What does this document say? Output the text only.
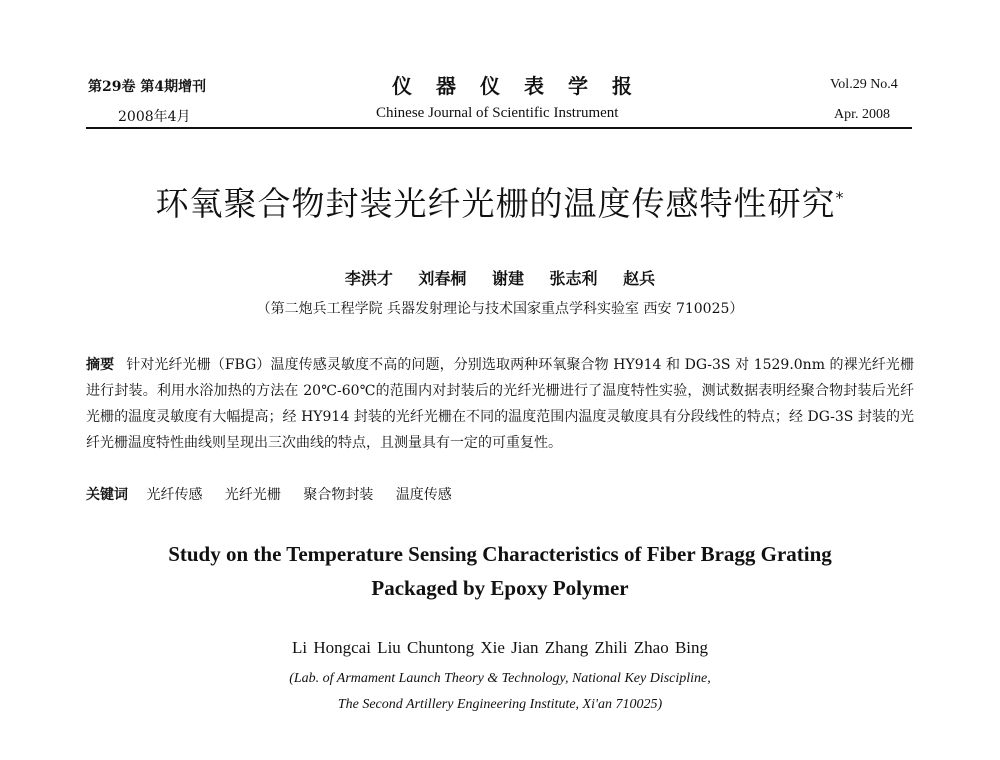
第29卷 第4期增刊
2008年4月
仪器仪表学报
Chinese Journal of Scientific Instrument
Vol.29 No.4
Apr. 2008
环氧聚合物封装光纤光栅的温度传感特性研究*
李洪才 刘春桐 谢建 张志利 赵兵
（第二炮兵工程学院 兵器发射理论与技术国家重点学科实验室 西安 710025）
摘要 针对光纤光栅（FBG）温度传感灵敏度不高的问题，分别选取两种环氧聚合物 HY914 和 DG-3S 对 1529.0nm 的裸光纤光栅进行封装。利用水浴加热的方法在 20℃-60℃的范围内对封装后的光纤光栅进行了温度特性实验，测试数据表明经聚合物封装后光纤光栅的温度灵敏度有大幅提高；经 HY914 封装的光纤光栅在不同的温度范围内温度灵敏度具有分段线性的特点；经 DG-3S 封装的光纤光栅温度特性曲线则呈现出三次曲线的特点，且测量具有一定的可重复性。
关键词 光纤传感 光纤光栅 聚合物封装 温度传感
Study on the Temperature Sensing Characteristics of Fiber Bragg Grating
Packaged by Epoxy Polymer
Li Hongcai Liu Chuntong Xie Jian Zhang Zhili Zhao Bing
(Lab. of Armament Launch Theory & Technology, National Key Discipline,
The Second Artillery Engineering Institute, Xi'an 710025)
